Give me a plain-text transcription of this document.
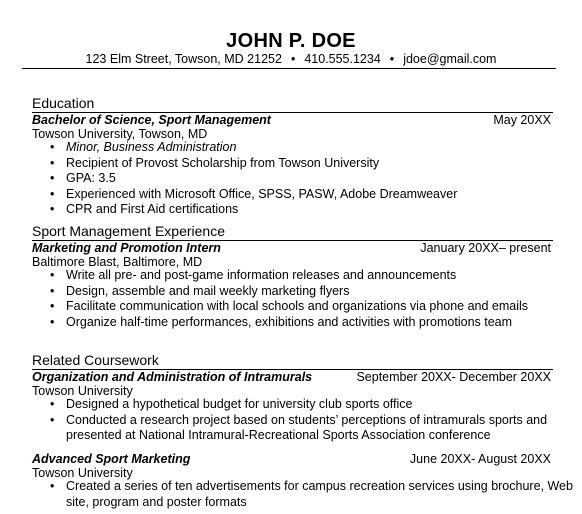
JOHN P. DOE
123 Elm Street, Towson, MD 21252 • 410.555.1234 • jdoe@gmail.com
Education
Bachelor of Science, Sport Management	May 20XX
Towson University, Towson, MD
• Minor, Business Administration
• Recipient of Provost Scholarship from Towson University
• GPA: 3.5
• Experienced with Microsoft Office, SPSS, PASW, Adobe Dreamweaver
• CPR and First Aid certifications
Sport Management Experience
Marketing and Promotion Intern	January 20XX– present
Baltimore Blast, Baltimore, MD
• Write all pre- and post-game information releases and announcements
• Design, assemble and mail weekly marketing flyers
• Facilitate communication with local schools and organizations via phone and emails
• Organize half-time performances, exhibitions and activities with promotions team
Related Coursework
Organization and Administration of Intramurals	September 20XX- December 20XX
Towson University
• Designed a hypothetical budget for university club sports office
• Conducted a research project based on students’ perceptions of intramurals sports and
presented at National Intramural-Recreational Sports Association conference
Advanced Sport Marketing	June 20XX- August 20XX
Towson University
• Created a series of ten advertisements for campus recreation services using brochure, Web
site, program and poster formats
